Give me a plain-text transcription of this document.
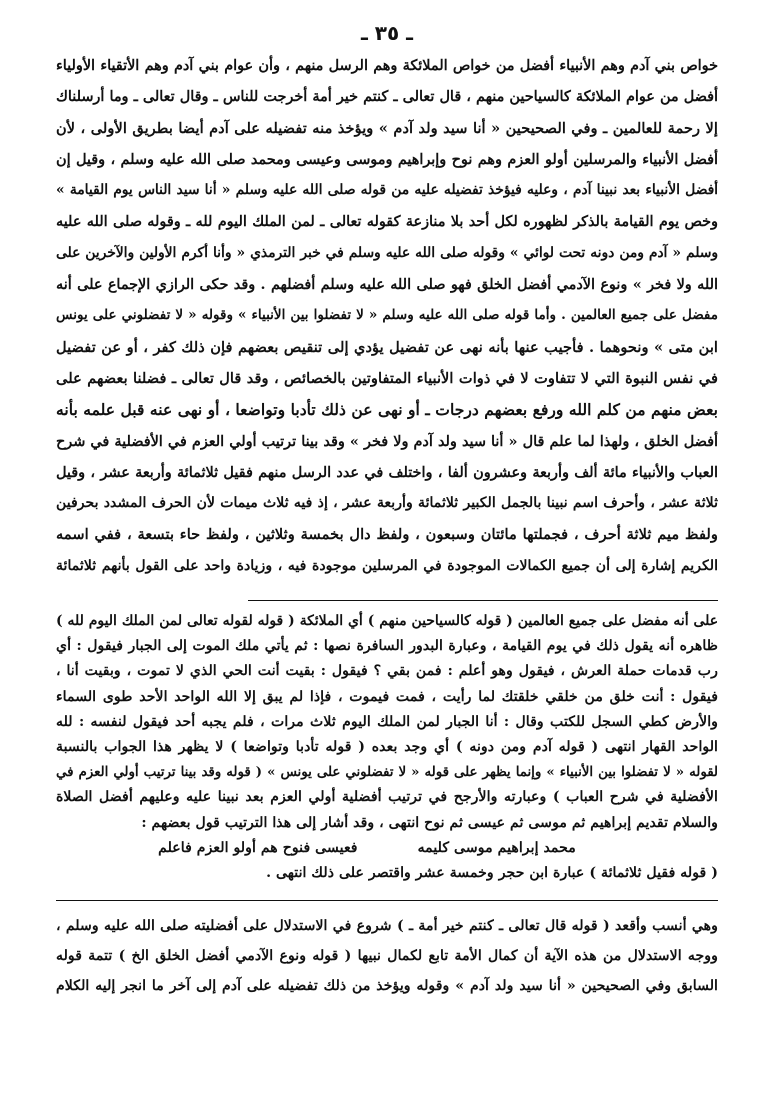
ـ ٣٥ ـ

خواص بني آدم وهم الأنبياء أفضل من خواص الملائكة وهم الرسل منهم ، وأن عوام بني آدم وهم الأتقياء الأولياء

أفضل من عوام الملائكة كالسياحين منهم ، قال تعالى ـ كنتم خير أمة أخرجت للناس ـ وقال تعالى ـ وما أرسلناك

إلا رحمة للعالمين ـ وفي الصحيحين « أنا سيد ولد آدم » ويؤخذ منه تفضيله على آدم أيضا بطريق الأولى ، لأن

أفضل الأنبياء والمرسلين أولو العزم وهم نوح وإبراهيم وموسى وعيسى ومحمد صلى الله عليه وسلم ، وقيل إن

أفضل الأنبياء بعد نبينا آدم ، وعليه فيؤخذ تفضيله عليه من قوله صلى الله عليه وسلم « أنا سيد الناس يوم القيامة »

وخص يوم القيامة بالذكر لظهوره لكل أحد بلا منازعة كقوله تعالى ـ لمن الملك اليوم لله ـ وقوله صلى الله عليه

وسلم « آدم ومن دونه تحت لوائي » وقوله صلى الله عليه وسلم في خبر الترمذي « وأنا أكرم الأولين والآخرين على

الله ولا فخر » ونوع الآدمي أفضل الخلق فهو صلى الله عليه وسلم أفضلهم . وقد حكى الرازي الإجماع على أنه

مفضل على جميع العالمين . وأما قوله صلى الله عليه وسلم « لا تفضلوا بين الأنبياء » وقوله « لا تفضلوني على يونس

ابن متى » ونحوهما . فأجيب عنها بأنه نهى عن تفضيل يؤدي إلى تنقيص بعضهم فإن ذلك كفر ، أو عن تفضيل

في نفس النبوة التي لا تتفاوت لا في ذوات الأنبياء المتفاوتين بالخصائص ، وقد قال تعالى ـ فضلنا بعضهم على

بعض منهم من كلم الله ورفع بعضهم درجات ـ أو نهى عن ذلك تأدبا وتواضعا ، أو نهى عنه قبل علمه بأنه

أفضل الخلق ، ولهذا لما علم قال « أنا سيد ولد آدم ولا فخر » وقد بينا ترتيب أولي العزم في الأفضلية في شرح

العباب والأنبياء مائة ألف وأربعة وعشرون ألفا ، واختلف في عدد الرسل منهم فقيل ثلاثمائة وأربعة عشر ، وقيل

ثلاثة عشر ، وأحرف اسم نبينا بالجمل الكبير ثلاثمائة وأربعة عشر ، إذ فيه ثلاث ميمات لأن الحرف المشدد بحرفين

ولفظ ميم ثلاثة أحرف ، فجملتها مائتان وسبعون ، ولفظ دال بخمسة وثلاثين ، ولفظ حاء بتسعة ، ففي اسمه

الكريم إشارة إلى أن جميع الكمالات الموجودة في المرسلين موجودة فيه ، وزيادة واحد على القول بأنهم ثلاثمائة

على أنه مفضل على جميع العالمين ( قوله كالسياحين منهم ) أي الملائكة ( قوله لقوله تعالى لمن الملك اليوم لله )

ظاهره أنه يقول ذلك في يوم القيامة ، وعبارة البدور السافرة نصها : ثم يأتي ملك الموت إلى الجبار فيقول : أي

رب قدمات حملة العرش ، فيقول وهو أعلم : فمن بقي ؟ فيقول : بقيت أنت الحي الذي لا تموت ، وبقيت أنا ،

فيقول : أنت خلق من خلقي خلقتك لما رأيت ، فمت فيموت ، فإذا لم يبق إلا الله الواحد الأحد طوى السماء

والأرض كطي السجل للكتب وقال : أنا الجبار لمن الملك اليوم ثلاث مرات ، فلم يجبه أحد فيقول لنفسه : لله

الواحد القهار انتهى ( قوله آدم ومن دونه ) أي وجد بعده ( قوله تأدبا وتواضعا ) لا يظهر هذا الجواب بالنسبة

لقوله « لا تفضلوا بين الأنبياء » وإنما يظهر على قوله « لا تفضلوني على يونس » ( قوله وقد بينا ترتيب أولي العزم في

الأفضلية في شرح العباب ) وعبارته والأرجح في ترتيب أفضلية أولي العزم بعد نبينا عليه وعليهم أفضل الصلاة

والسلام تقديم إبراهيم ثم موسى ثم عيسى ثم نوح انتهى ، وقد أشار إلى هذا الترتيب قول بعضهم :

محمد إبراهيم موسى كليمه
فعيسى فنوح هم أولو العزم فاعلم

( قوله فقيل ثلاثمائة ) عبارة ابن حجر وخمسة عشر واقتصر على ذلك انتهى .

وهي أنسب وأقعد ( قوله قال تعالى ـ كنتم خير أمة ـ ) شروع في الاستدلال على أفضليته صلى الله عليه وسلم ،

ووجه الاستدلال من هذه الآية أن كمال الأمة تابع لكمال نبيها ( قوله ونوع الآدمي أفضل الخلق الخ ) تتمة قوله

السابق وفي الصحيحين « أنا سيد ولد آدم » وقوله ويؤخذ من ذلك تفضيله على آدم إلى آخر ما انجر إليه الكلام
